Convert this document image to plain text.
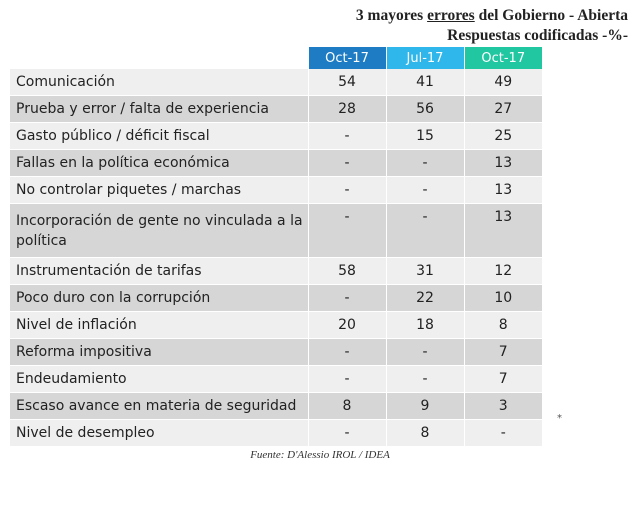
3 mayores errores del Gobierno - Abierta
Respuestas codificadas -%-
	Oct-17	Jul-17	Oct-17
Comunicación	54	41	49
Prueba y error / falta de experiencia	28	56	27
Gasto público / déficit fiscal	-	15	25
Fallas en la política económica	-	-	13
No controlar piquetes / marchas	-	-	13
Incorporación de gente no vinculada a la política	-	-	13
Instrumentación de tarifas	58	31	12
Poco duro con la corrupción	-	22	10
Nivel de inflación	20	18	8
Reforma impositiva	-	-	7
Endeudamiento	-	-	7
Escaso avance en materia de seguridad	8	9	3
Nivel de desempleo	-	8	-
Fuente: D'Alessio IROL / IDEA
*
